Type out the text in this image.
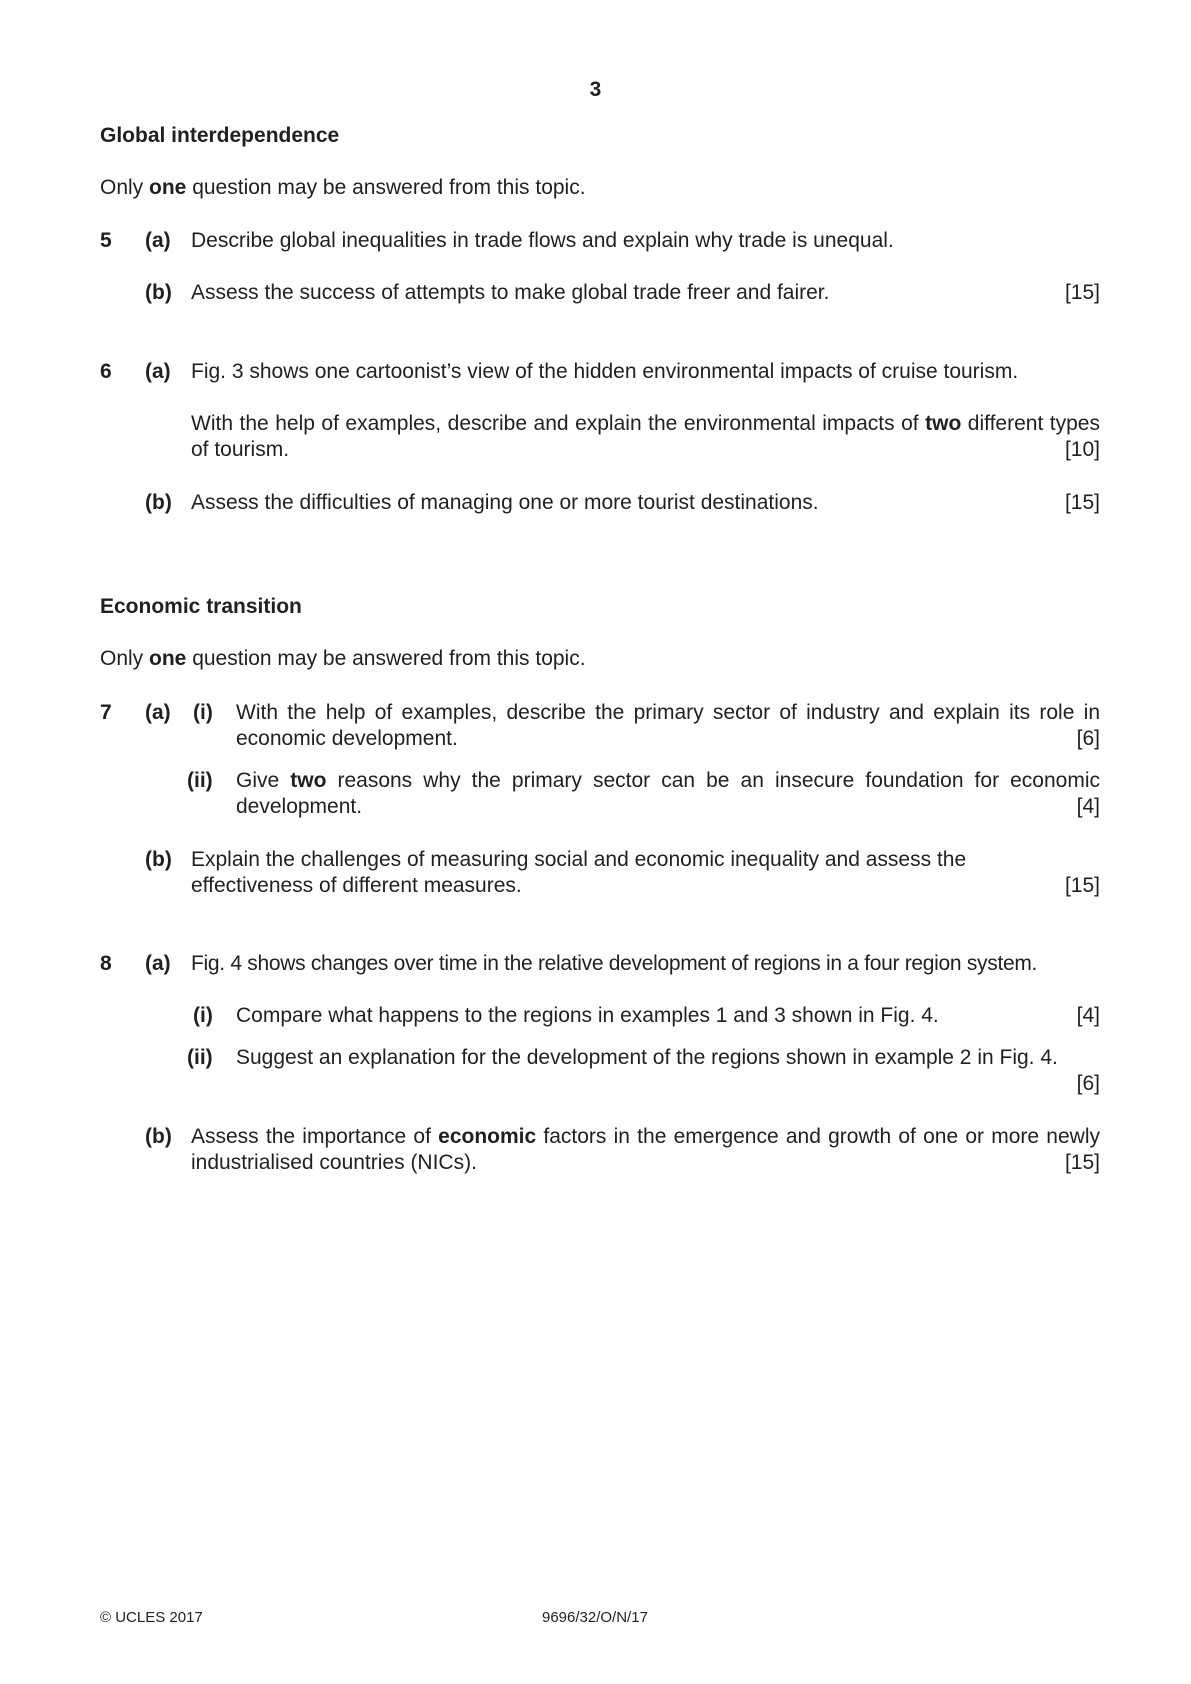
3
Global interdependence
Only one question may be answered from this topic.
5 (a) Describe global inequalities in trade flows and explain why trade is unequal.
(b) Assess the success of attempts to make global trade freer and fairer.	[15]
6 (a) Fig. 3 shows one cartoonist’s view of the hidden environmental impacts of cruise tourism.
With the help of examples, describe and explain the environmental impacts of two different types of tourism.	[10]
(b) Assess the difficulties of managing one or more tourist destinations.	[15]
Economic transition
Only one question may be answered from this topic.
7 (a) (i) With the help of examples, describe the primary sector of industry and explain its role in economic development.	[6]
(ii) Give two reasons why the primary sector can be an insecure foundation for economic development.	[4]
(b) Explain the challenges of measuring social and economic inequality and assess the
effectiveness of different measures.	[15]
8 (a) Fig. 4 shows changes over time in the relative development of regions in a four region system.
(i) Compare what happens to the regions in examples 1 and 3 shown in Fig. 4.	[4]
(ii) Suggest an explanation for the development of the regions shown in example 2 in Fig. 4.
[6]
(b) Assess the importance of economic factors in the emergence and growth of one or more newly industrialised countries (NICs).	[15]
© UCLES 2017	9696/32/O/N/17
